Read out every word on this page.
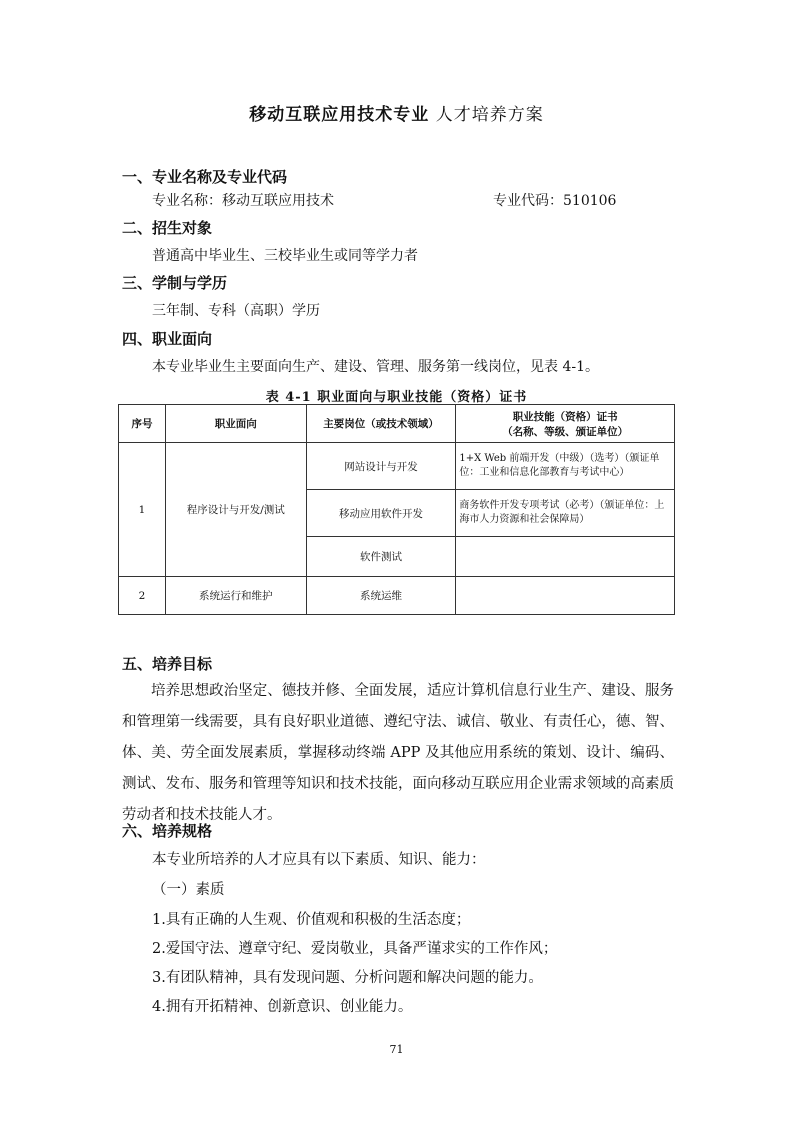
移动互联应用技术专业 人才培养方案
一、专业名称及专业代码
专业名称：移动互联应用技术	专业代码：510106
二、招生对象
普通高中毕业生、三校毕业生或同等学力者
三、学制与学历
三年制、专科（高职）学历
四、职业面向
本专业毕业生主要面向生产、建设、管理、服务第一线岗位，见表 4-1。
表 4-1 职业面向与职业技能（资格）证书
序号	职业面向	主要岗位（或技术领域）	职业技能（资格）证书
（名称、等级、颁证单位）

1	程序设计与开发/测试	网站设计与开发	1+X Web 前端开发（中级）（选考）（颁证单位：工业和信息化部教育与考试中心）
		移动应用软件开发	商务软件开发专项考试（必考）（颁证单位：上海市人力资源和社会保障局）
		软件测试	
2	系统运行和维护	系统运维	
五、培养目标
培养思想政治坚定、德技并修、全面发展，适应计算机信息行业生产、建设、服务和管理第一线需要，具有良好职业道德、遵纪守法、诚信、敬业、有责任心，德、智、体、美、劳全面发展素质，掌握移动终端 APP 及其他应用系统的策划、设计、编码、测试、发布、服务和管理等知识和技术技能，面向移动互联应用企业需求领域的高素质劳动者和技术技能人才。
六、培养规格
本专业所培养的人才应具有以下素质、知识、能力：
（一）素质
1.具有正确的人生观、价值观和积极的生活态度；
2.爱国守法、遵章守纪、爱岗敬业，具备严谨求实的工作作风；
3.有团队精神，具有发现问题、分析问题和解决问题的能力。
4.拥有开拓精神、创新意识、创业能力。
71
